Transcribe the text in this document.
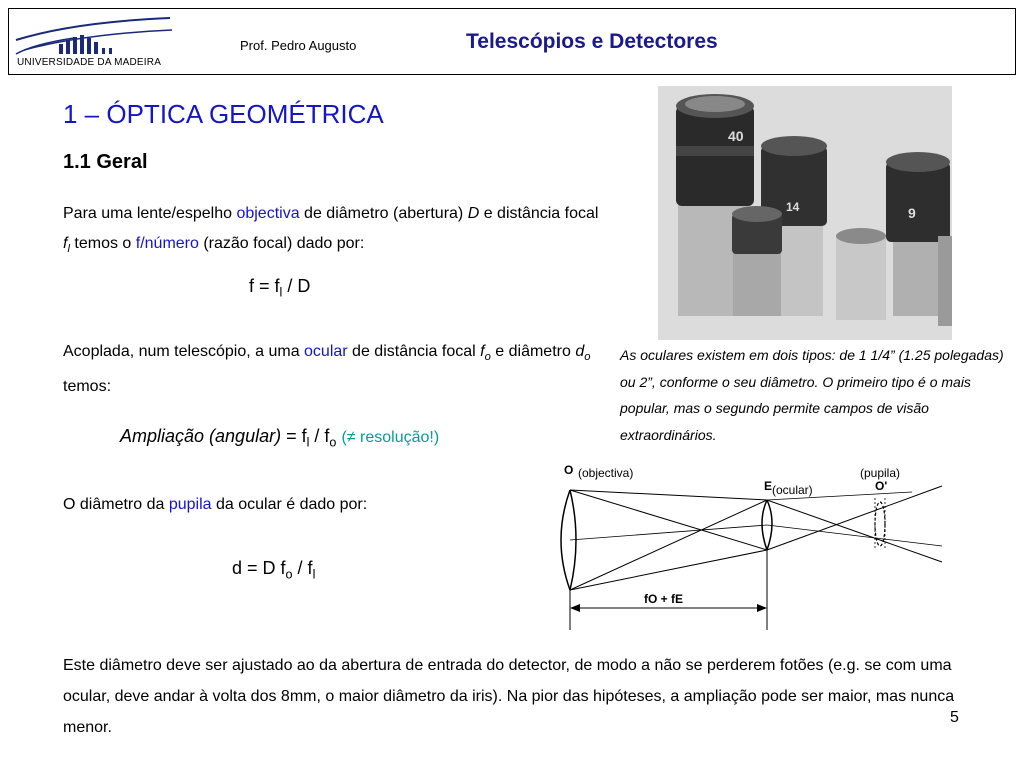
UNIVERSIDADE DA MADEIRA
Prof. Pedro Augusto	Telescópios e Detectores
1 – ÓPTICA GEOMÉTRICA
1.1 Geral
Para uma lente/espelho objectiva de diâmetro (abertura) D e distância focal $f_l$ temos o f/número (razão focal) dado por:
$f = f_l / D$
Acoplada, num telescópio, a uma ocular de distância focal $f_o$ e diâmetro $d_o$ temos:
Ampliação (angular) = $f_l / f_o$ (≠ resolução!)
O diâmetro da pupila da ocular é dado por:
d = D $f_o / f_l$
Este diâmetro deve ser ajustado ao da abertura de entrada do detector, de modo a não se perderem fotões (e.g. se com uma ocular, deve andar à volta dos 8mm, o maior diâmetro da iris). Na pior das hipóteses, a ampliação pode ser maior, mas nunca menor.
5
40
14	9
As oculares existem em dois tipos: de 1 1/4” (1.25 polegadas) ou 2”, conforme o seu diâmetro. O primeiro tipo é o mais popular, mas o segundo permite campos de visão extraordinários.
O (objectiva)
E (ocular)
(pupila)
O'
fO + fE
